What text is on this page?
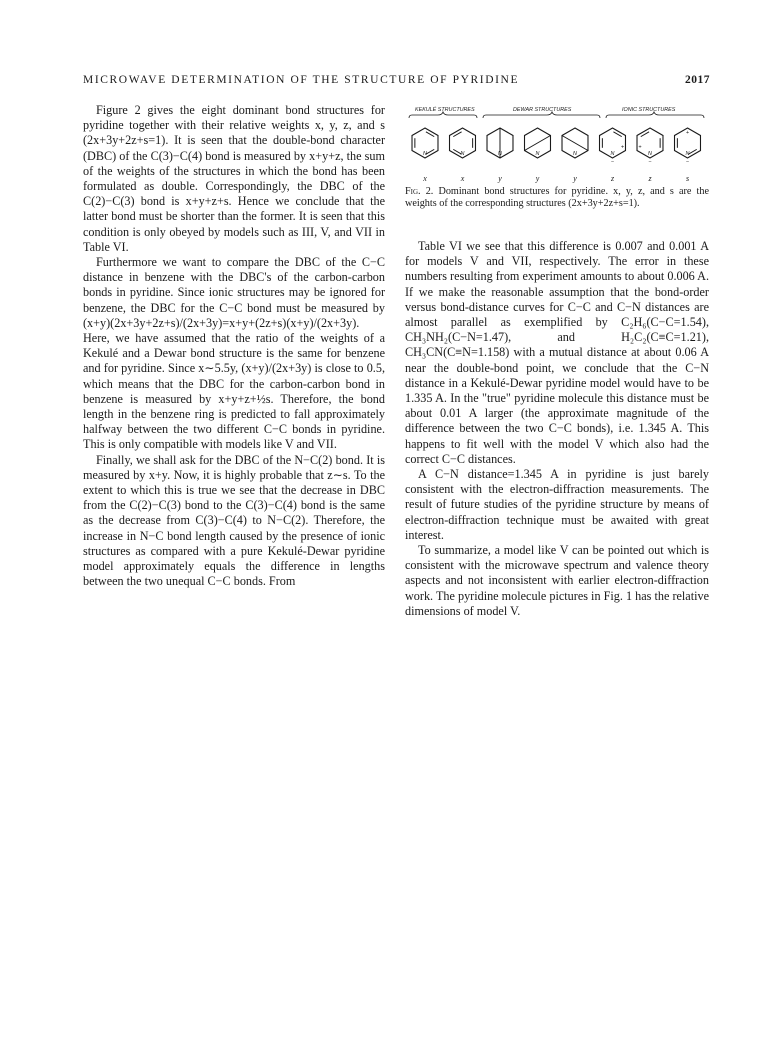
MICROWAVE DETERMINATION OF THE STRUCTURE OF PYRIDINE	2017

Figure 2 gives the eight dominant bond structures for pyridine together with their relative weights x, y, z, and s (2x+3y+2z+s=1). It is seen that the double-bond character (DBC) of the C(3)−C(4) bond is measured by x+y+z, the sum of the weights of the structures in which the bond has been formulated as double. Correspondingly, the DBC of the C(2)−C(3) bond is x+y+z+s. Hence we conclude that the latter bond must be shorter than the former. It is seen that this condition is only obeyed by models such as III, V, and VII in Table VI.

Furthermore we want to compare the DBC of the C−C distance in benzene with the DBC's of the carbon-carbon bonds in pyridine. Since ionic structures may be ignored for benzene, the DBC for the C−C bond must be measured by (x+y)(2x+3y+2z+s)/(2x+3y)=x+y+(2z+s)(x+y)/(2x+3y). Here, we have assumed that the ratio of the weights of a Kekulé and a Dewar bond structure is the same for benzene and for pyridine. Since x∼5.5y, (x+y)/(2x+3y) is close to 0.5, which means that the DBC for the carbon-carbon bond in benzene is measured by x+y+z+½s. Therefore, the bond length in the benzene ring is predicted to fall approximately halfway between the two different C−C bonds in pyridine. This is only compatible with models like V and VII.

Finally, we shall ask for the DBC of the N−C(2) bond. It is measured by x+y. Now, it is highly probable that z∼s. To the extent to which this is true we see that the decrease in DBC from the C(2)−C(3) bond to the C(3)−C(4) bond is the same as the decrease from C(3)−C(4) to N−C(2). Therefore, the increase in N−C bond length caused by the presence of ionic structures as compared with a pure Kekulé-Dewar pyridine model approximately equals the difference in lengths between the two unequal C−C bonds. From

KEKULÉ STRUCTURES	DEWAR STRUCTURES	IONIC STRUCTURES
N
x
N
x
N
y
N
y
N
y
N
+
−
z
N
+
−
z
N
+
−
s
Fig. 2. Dominant bond structures for pyridine. x, y, z, and s are the weights of the corresponding structures (2x+3y+2z+s=1).

Table VI we see that this difference is 0.007 and 0.001 A for models V and VII, respectively. The error in these numbers resulting from experiment amounts to about 0.006 A. If we make the reasonable assumption that the bond-order versus bond-distance curves for C−C and C−N distances are almost parallel as exemplified by C₂H₆(C−C=1.54), CH₃NH₂(C−N=1.47), and H₂C₂(C≡C=1.21), CH₃CN(C≡N=1.158) with a mutual distance at about 0.06 A near the double-bond point, we conclude that the C−N distance in a Kekulé-Dewar pyridine model would have to be 1.335 A. In the "true" pyridine molecule this distance must be about 0.01 A larger (the approximate magnitude of the difference between the two C−C bonds), i.e. 1.345 A. This happens to fit well with the model V which also had the correct C−C distances.

A C−N distance=1.345 A in pyridine is just barely consistent with the electron-diffraction measurements. The result of future studies of the pyridine structure by means of electron-diffraction technique must be awaited with great interest.

To summarize, a model like V can be pointed out which is consistent with the microwave spectrum and valence theory aspects and not inconsistent with earlier electron-diffraction work. The pyridine molecule pictures in Fig. 1 has the relative dimensions of model V.
